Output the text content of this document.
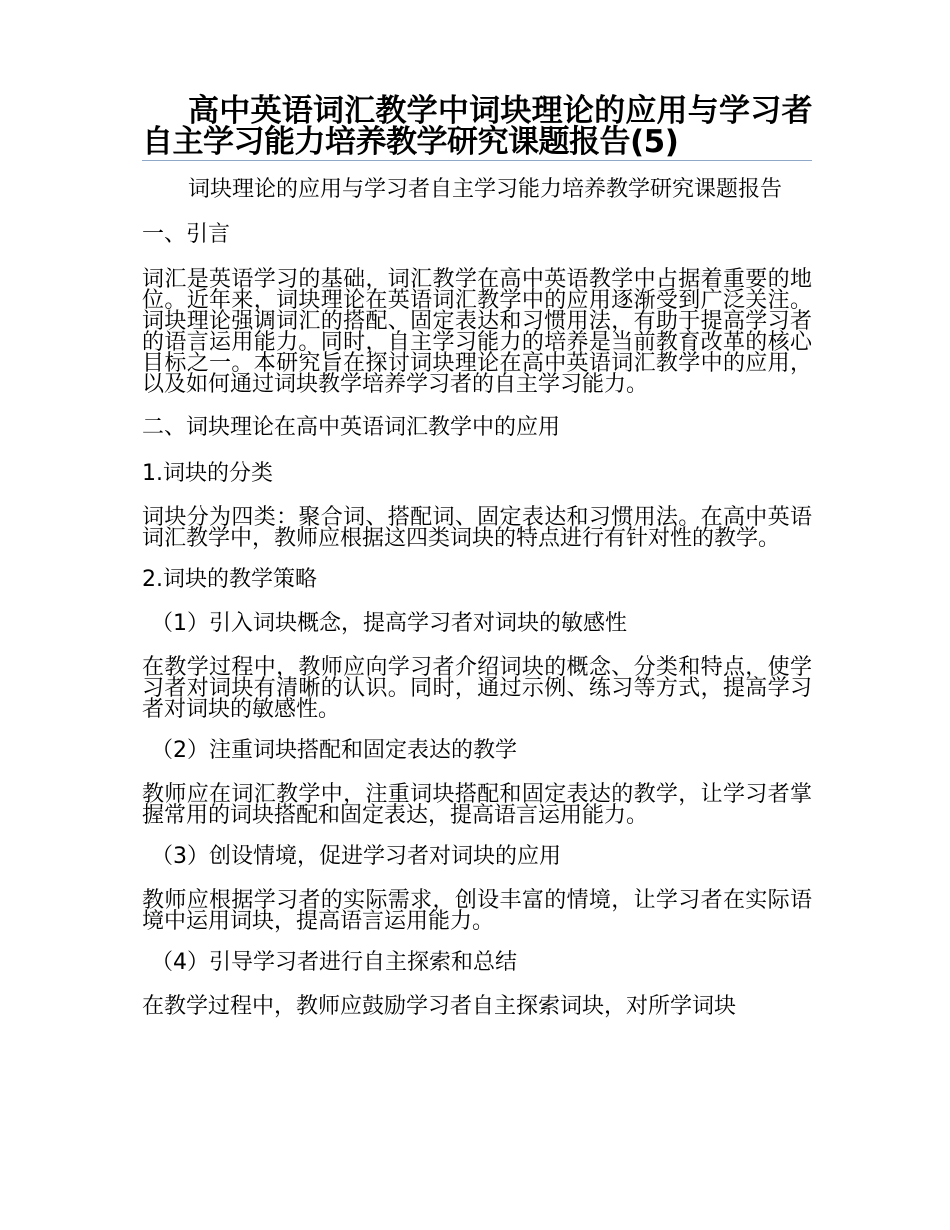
高中英语词汇教学中词块理论的应用与学习者自主学习能力培养教学研究课题报告(5)

词块理论的应用与学习者自主学习能力培养教学研究课题报告

一、引言

词汇是英语学习的基础，词汇教学在高中英语教学中占据着重要的地位。近年来，词块理论在英语词汇教学中的应用逐渐受到广泛关注。词块理论强调词汇的搭配、固定表达和习惯用法，有助于提高学习者的语言运用能力。同时，自主学习能力的培养是当前教育改革的核心目标之一。本研究旨在探讨词块理论在高中英语词汇教学中的应用，以及如何通过词块教学培养学习者的自主学习能力。

二、词块理论在高中英语词汇教学中的应用

1.词块的分类

词块分为四类：聚合词、搭配词、固定表达和习惯用法。在高中英语词汇教学中，教师应根据这四类词块的特点进行有针对性的教学。

2.词块的教学策略

（1）引入词块概念，提高学习者对词块的敏感性

在教学过程中，教师应向学习者介绍词块的概念、分类和特点，使学习者对词块有清晰的认识。同时，通过示例、练习等方式，提高学习者对词块的敏感性。

（2）注重词块搭配和固定表达的教学

教师应在词汇教学中，注重词块搭配和固定表达的教学，让学习者掌握常用的词块搭配和固定表达，提高语言运用能力。

（3）创设情境，促进学习者对词块的应用

教师应根据学习者的实际需求，创设丰富的情境，让学习者在实际语境中运用词块，提高语言运用能力。

（4）引导学习者进行自主探索和总结

在教学过程中，教师应鼓励学习者自主探索词块，对所学词块
